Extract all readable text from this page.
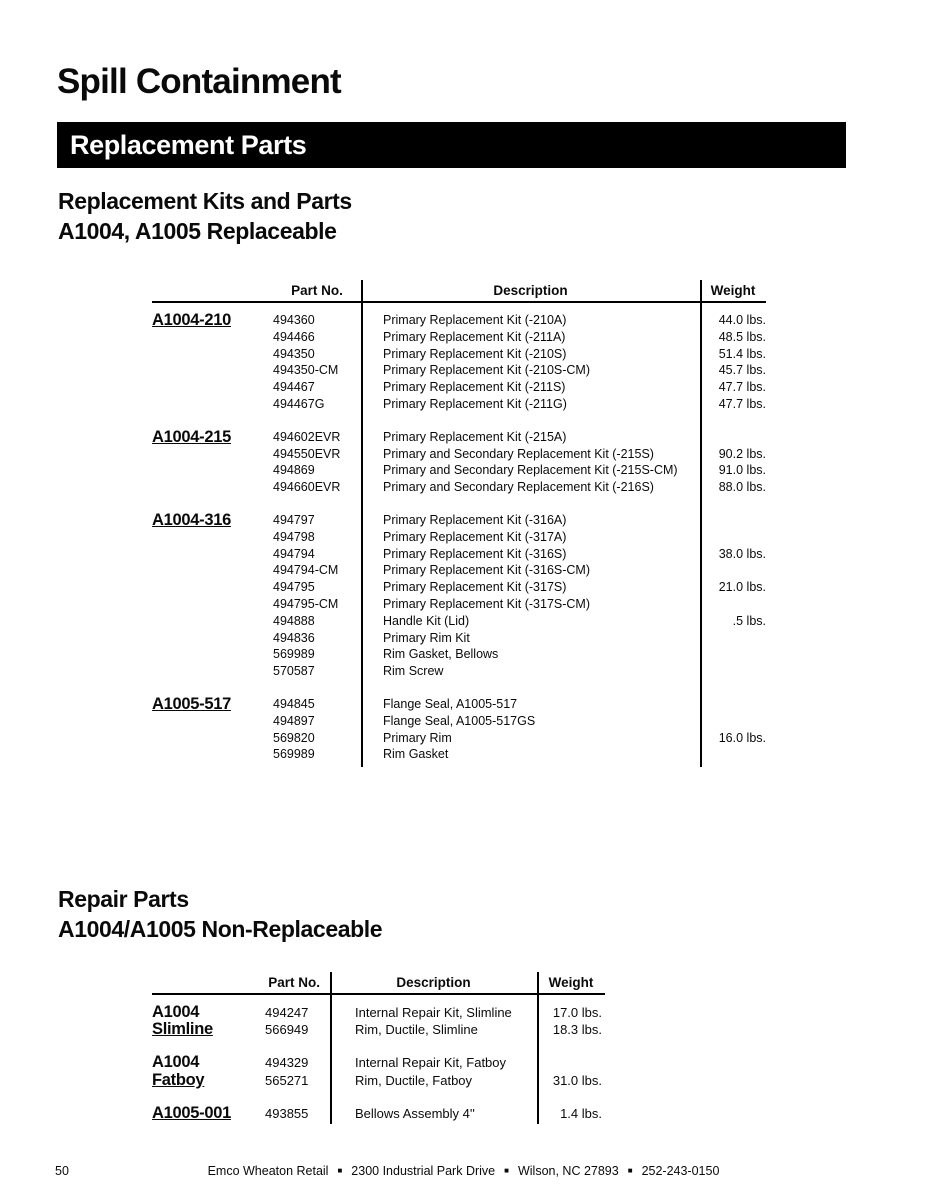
Spill Containment
Replacement Parts
Replacement Kits and Parts
A1004, A1005 Replaceable
Part No.	Description	Weight
A1004-210	494360	Primary Replacement Kit (-210A)	44.0 lbs.
494466	Primary Replacement Kit (-211A)	48.5 lbs.
494350	Primary Replacement Kit (-210S)	51.4 lbs.
494350-CM	Primary Replacement Kit (-210S-CM)	45.7 lbs.
494467	Primary Replacement Kit (-211S)	47.7 lbs.
494467G	Primary Replacement Kit (-211G)	47.7 lbs.
A1004-215	494602EVR	Primary Replacement Kit (-215A)
494550EVR	Primary and Secondary Replacement Kit (-215S)	90.2 lbs.
494869	Primary and Secondary Replacement Kit (-215S-CM)	91.0 lbs.
494660EVR	Primary and Secondary Replacement Kit (-216S)	88.0 lbs.
A1004-316	494797	Primary Replacement Kit (-316A)
494798	Primary Replacement Kit (-317A)
494794	Primary Replacement Kit (-316S)	38.0 lbs.
494794-CM	Primary Replacement Kit (-316S-CM)
494795	Primary Replacement Kit (-317S)	21.0 lbs.
494795-CM	Primary Replacement Kit (-317S-CM)
494888	Handle Kit (Lid)	.5 lbs.
494836	Primary Rim Kit
569989	Rim Gasket, Bellows
570587	Rim Screw
A1005-517	494845	Flange Seal, A1005-517
494897	Flange Seal, A1005-517GS
569820	Primary Rim	16.0 lbs.
569989	Rim Gasket
Repair Parts
A1004/A1005 Non-Replaceable
Part No.	Description	Weight
A1004
Slimline
494247	Internal Repair Kit, Slimline	17.0 lbs.
566949	Rim, Ductile, Slimline	18.3 lbs.
A1004
Fatboy
494329	Internal Repair Kit, Fatboy
565271	Rim, Ductile, Fatboy	31.0 lbs.
A1005-001	493855	Bellows Assembly 4''	1.4 lbs.
50	Emco Wheaton Retail ■ 2300 Industrial Park Drive ■ Wilson, NC 27893 ■ 252-243-0150
